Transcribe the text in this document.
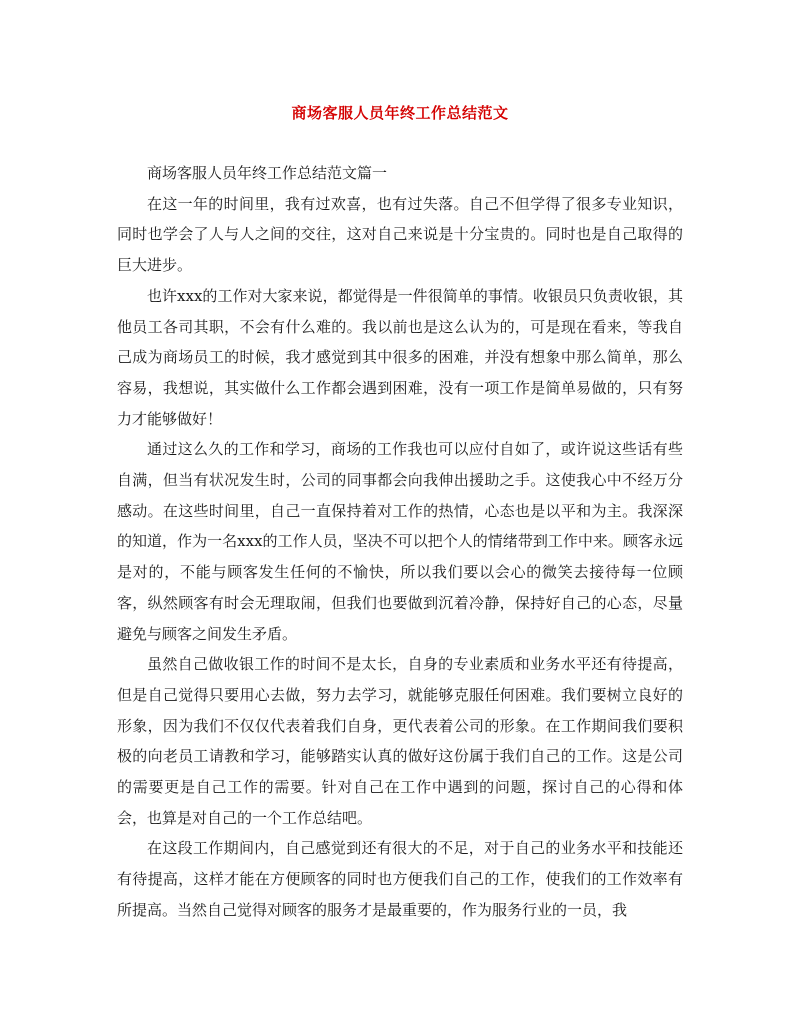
商场客服人员年终工作总结范文

商场客服人员年终工作总结范文篇一

在这一年的时间里，我有过欢喜，也有过失落。自己不但学得了很多专业知识，同时也学会了人与人之间的交往，这对自己来说是十分宝贵的。同时也是自己取得的巨大进步。

也许xxx的工作对大家来说，都觉得是一件很简单的事情。收银员只负责收银，其他员工各司其职，不会有什么难的。我以前也是这么认为的，可是现在看来，等我自己成为商场员工的时候，我才感觉到其中很多的困难，并没有想象中那么简单，那么容易，我想说，其实做什么工作都会遇到困难，没有一项工作是简单易做的，只有努力才能够做好！

通过这么久的工作和学习，商场的工作我也可以应付自如了，或许说这些话有些自满，但当有状况发生时，公司的同事都会向我伸出援助之手。这使我心中不经万分感动。在这些时间里，自己一直保持着对工作的热情，心态也是以平和为主。我深深的知道，作为一名xxx的工作人员，坚决不可以把个人的情绪带到工作中来。顾客永远是对的，不能与顾客发生任何的不愉快，所以我们要以会心的微笑去接待每一位顾客，纵然顾客有时会无理取闹，但我们也要做到沉着冷静，保持好自己的心态，尽量避免与顾客之间发生矛盾。

虽然自己做收银工作的时间不是太长，自身的专业素质和业务水平还有待提高，但是自己觉得只要用心去做，努力去学习，就能够克服任何困难。我们要树立良好的形象，因为我们不仅仅代表着我们自身，更代表着公司的形象。在工作期间我们要积极的向老员工请教和学习，能够踏实认真的做好这份属于我们自己的工作。这是公司的需要更是自己工作的需要。针对自己在工作中遇到的问题，探讨自己的心得和体会，也算是对自己的一个工作总结吧。

在这段工作期间内，自己感觉到还有很大的不足，对于自己的业务水平和技能还有待提高，这样才能在方便顾客的同时也方便我们自己的工作，使我们的工作效率有所提高。当然自己觉得对顾客的服务才是最重要的，作为服务行业的一员，我
